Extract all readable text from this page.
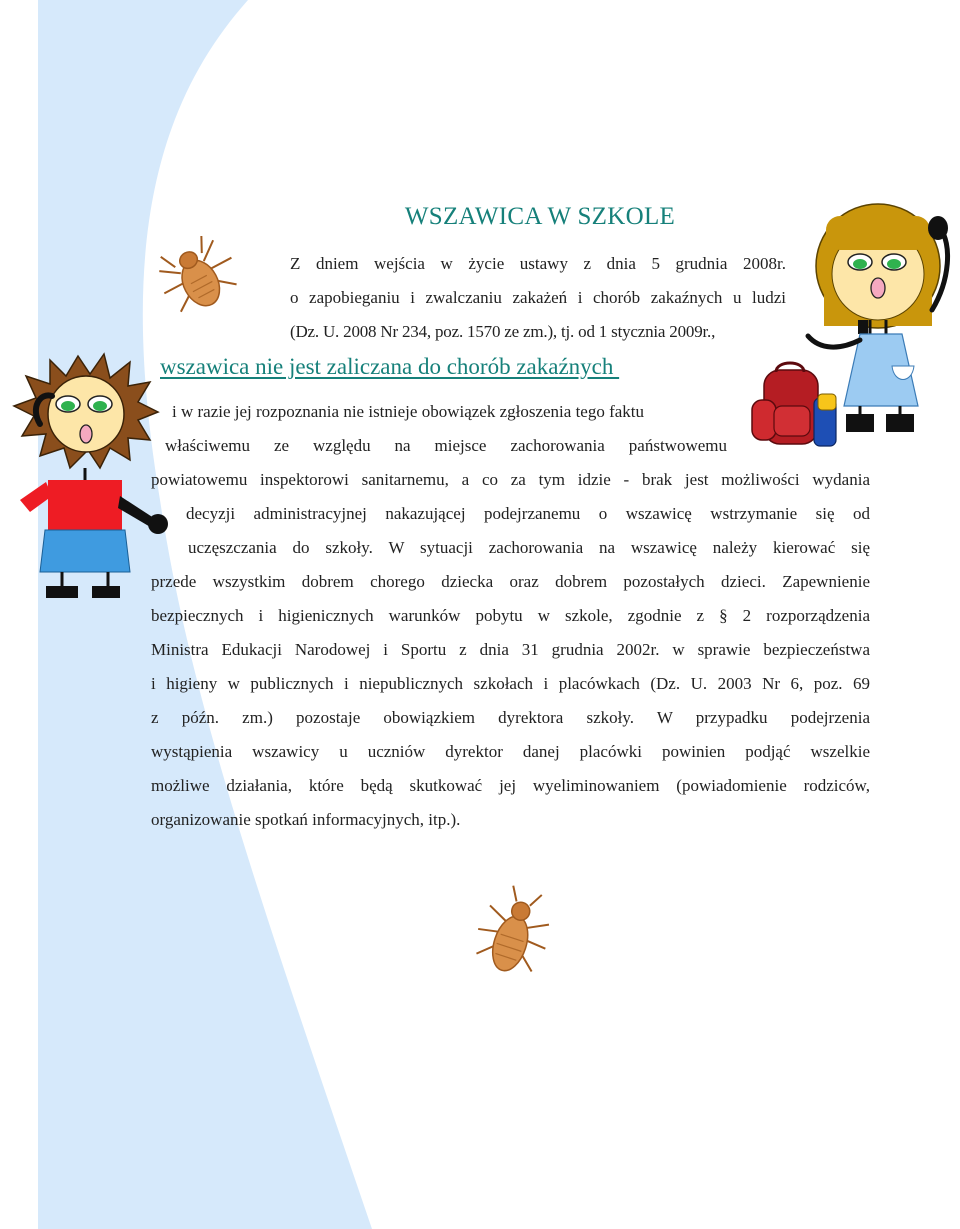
WSZAWICA W SZKOLE
Z dniem wejścia w życie ustawy z dnia 5 grudnia 2008r.
o zapobieganiu i zwalczaniu zakażeń i chorób zakaźnych u ludzi
(Dz. U. 2008 Nr 234, poz. 1570 ze zm.), tj. od 1 stycznia 2009r.,
wszawica nie jest zaliczana do chorób zakaźnych
i w razie jej rozpoznania nie istnieje obowiązek zgłoszenia tego faktu
właściwemu ze względu na miejsce zachorowania państwowemu
powiatowemu inspektorowi sanitarnemu, a co za tym idzie - brak jest możliwości wydania
decyzji administracyjnej nakazującej podejrzanemu o wszawicę wstrzymanie się od
uczęszczania do szkoły. W sytuacji zachorowania na wszawicę należy kierować się
przede wszystkim dobrem chorego dziecka oraz dobrem pozostałych dzieci. Zapewnienie
bezpiecznych i higienicznych warunków pobytu w szkole, zgodnie z § 2 rozporządzenia
Ministra Edukacji Narodowej i Sportu z dnia 31 grudnia 2002r. w sprawie bezpieczeństwa
i higieny w publicznych i niepublicznych szkołach i placówkach (Dz. U. 2003 Nr 6, poz. 69
z późn. zm.) pozostaje obowiązkiem dyrektora szkoły. W przypadku podejrzenia
wystąpienia wszawicy u uczniów dyrektor danej placówki powinien podjąć wszelkie
możliwe działania, które będą skutkować jej wyeliminowaniem (powiadomienie rodziców,
organizowanie spotkań informacyjnych, itp.).
